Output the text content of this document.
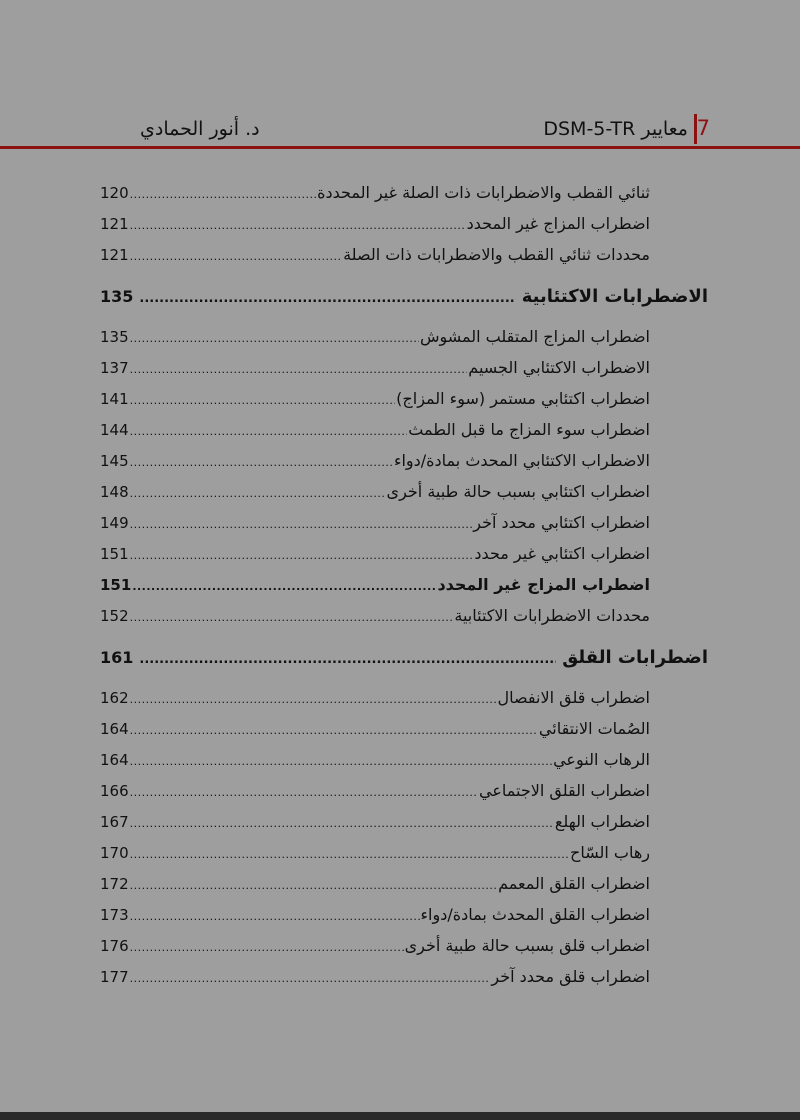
7
معايير DSM-5-TR
د. أنور الحمادي
ثنائي القطب والاضطرابات ذات الصلة غير المحددة
.....
120
اضطراب المزاج غير المحدد
.....
121
محددات ثنائي القطب والاضطرابات ذات الصلة
.....
121
الاضطرابات الاكتئابية
.....
135
اضطراب المزاج المتقلب المشوش
.....
135
الاضطراب الاكتئابي الجسيم
.....
137
اضطراب اكتئابي مستمر (سوء المزاج)
.....
141
اضطراب سوء المزاج ما قبل الطمث
.....
144
الاضطراب الاكتئابي المحدث بمادة/دواء
.....
145
اضطراب اكتئابي بسبب حالة طبية أخرى
.....
148
اضطراب اكتئابي محدد آخر
.....
149
اضطراب اكتئابي غير محدد
.....
151
اضطراب المزاج غير المحدد
.....
151
محددات الاضطرابات الاكتئابية
.....
152
اضطرابات القلق
.....
161
اضطراب قلق الانفصال
.....
162
الصُمات الانتقائي
.....
164
الرهاب النوعي
.....
164
اضطراب القلق الاجتماعي
.....
166
اضطراب الهلع
.....
167
رهاب السّاح
.....
170
اضطراب القلق المعمم
.....
172
اضطراب القلق المحدث بمادة/دواء
.....
173
اضطراب قلق بسبب حالة طبية أخرى
.....
176
اضطراب قلق محدد آخر
.....
177
